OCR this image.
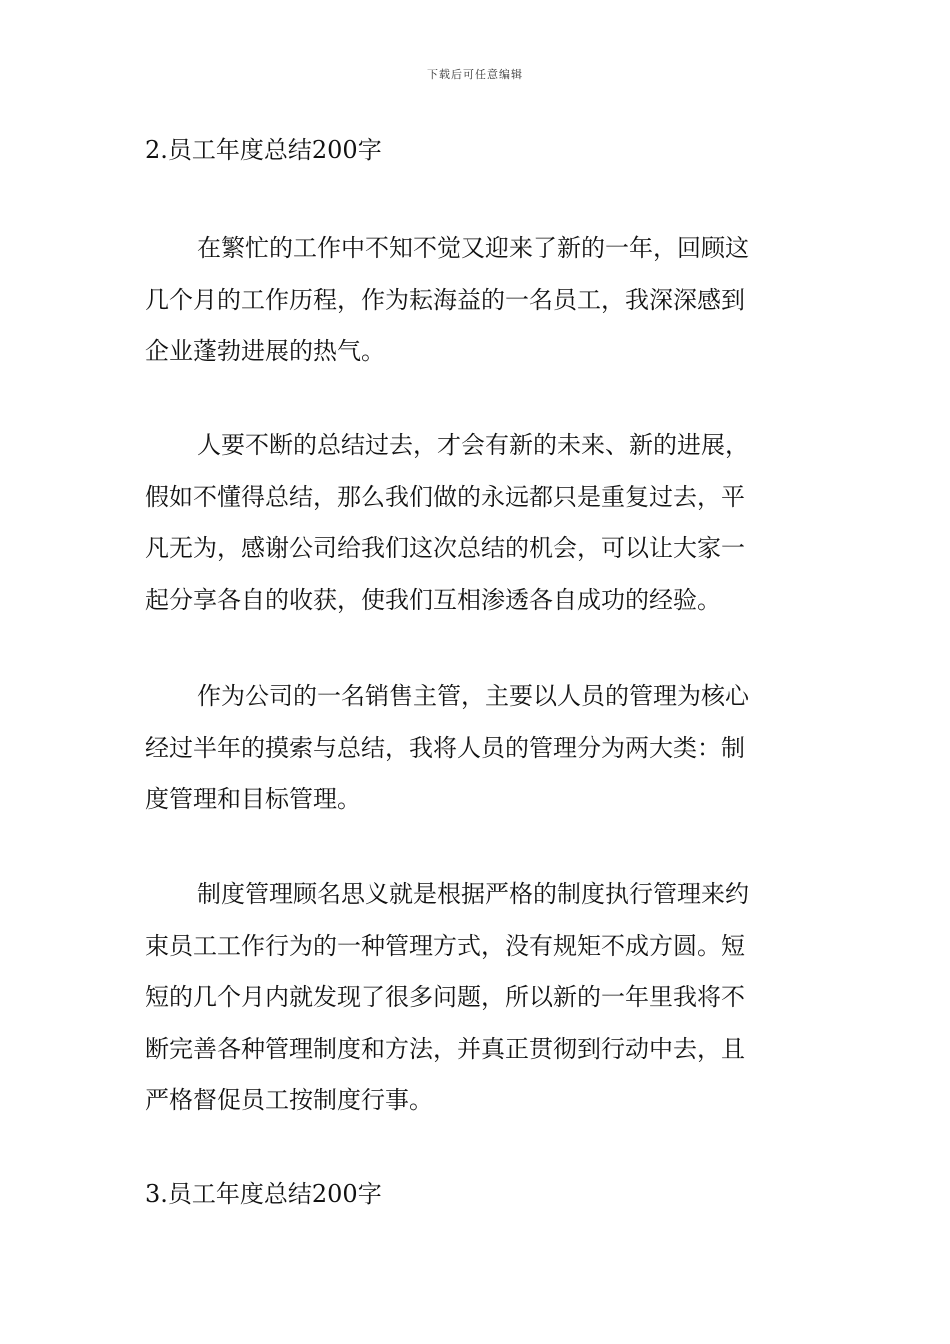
下载后可任意编辑
2.员工年度总结200字
在繁忙的工作中不知不觉又迎来了新的一年，回顾这
几个月的工作历程，作为耘海益的一名员工，我深深感到
企业蓬勃进展的热气。
人要不断的总结过去，才会有新的未来、新的进展，
假如不懂得总结，那么我们做的永远都只是重复过去，平
凡无为，感谢公司给我们这次总结的机会，可以让大家一
起分享各自的收获，使我们互相渗透各自成功的经验。
作为公司的一名销售主管，主要以人员的管理为核心
经过半年的摸索与总结，我将人员的管理分为两大类：制
度管理和目标管理。
制度管理顾名思义就是根据严格的制度执行管理来约
束员工工作行为的一种管理方式，没有规矩不成方圆。短
短的几个月内就发现了很多问题，所以新的一年里我将不
断完善各种管理制度和方法，并真正贯彻到行动中去，且
严格督促员工按制度行事。
3.员工年度总结200字
